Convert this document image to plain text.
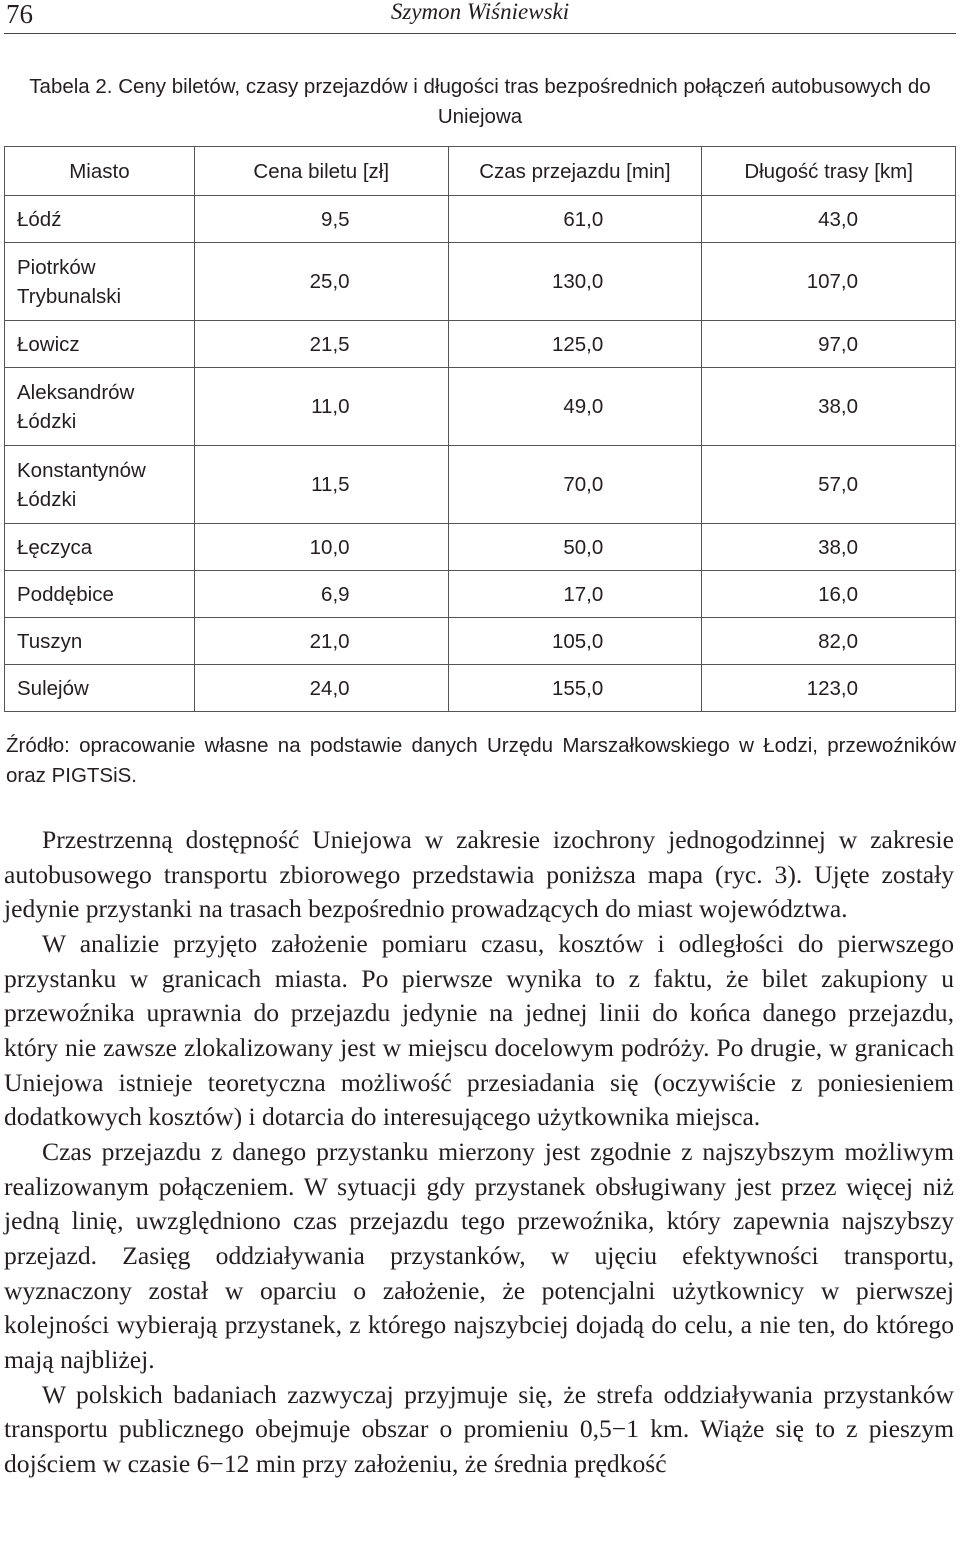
76	Szymon Wiśniewski
Tabela 2. Ceny biletów, czasy przejazdów i długości tras bezpośrednich połączeń autobusowych do Uniejowa
Miasto	Cena biletu [zł]	Czas przejazdu [min]	Długość trasy [km]
Łódź	9,5	61,0	43,0
Piotrków Trybunalski	25,0	130,0	107,0
Łowicz	21,5	125,0	97,0
Aleksandrów Łódzki	11,0	49,0	38,0
Konstantynów Łódzki	11,5	70,0	57,0
Łęczyca	10,0	50,0	38,0
Poddębice	6,9	17,0	16,0
Tuszyn	21,0	105,0	82,0
Sulejów	24,0	155,0	123,0
Źródło: opracowanie własne na podstawie danych Urzędu Marszałkowskiego w Łodzi, przewoźników oraz PIGTSiS.

Przestrzenną dostępność Uniejowa w zakresie izochrony jednogodzinnej w zakresie autobusowego transportu zbiorowego przedstawia poniższa mapa (ryc. 3). Ujęte zostały jedynie przystanki na trasach bezpośrednio prowadzących do miast województwa.

W analizie przyjęto założenie pomiaru czasu, kosztów i odległości do pierwszego przystanku w granicach miasta. Po pierwsze wynika to z faktu, że bilet zakupiony u przewoźnika uprawnia do przejazdu jedynie na jednej linii do końca danego przejazdu, który nie zawsze zlokalizowany jest w miejscu docelowym podróży. Po drugie, w granicach Uniejowa istnieje teoretyczna możliwość przesiadania się (oczywiście z poniesieniem dodatkowych kosztów) i dotarcia do interesującego użytkownika miejsca.

Czas przejazdu z danego przystanku mierzony jest zgodnie z najszybszym możliwym realizowanym połączeniem. W sytuacji gdy przystanek obsługiwany jest przez więcej niż jedną linię, uwzględniono czas przejazdu tego przewoźnika, który zapewnia najszybszy przejazd. Zasięg oddziaływania przystanków, w ujęciu efektywności transportu, wyznaczony został w oparciu o założenie, że potencjalni użytkownicy w pierwszej kolejności wybierają przystanek, z którego najszybciej dojadą do celu, a nie ten, do którego mają najbliżej.

W polskich badaniach zazwyczaj przyjmuje się, że strefa oddziaływania przystanków transportu publicznego obejmuje obszar o promieniu 0,5−1 km. Wiąże się to z pieszym dojściem w czasie 6−12 min przy założeniu, że średnia prędkość
